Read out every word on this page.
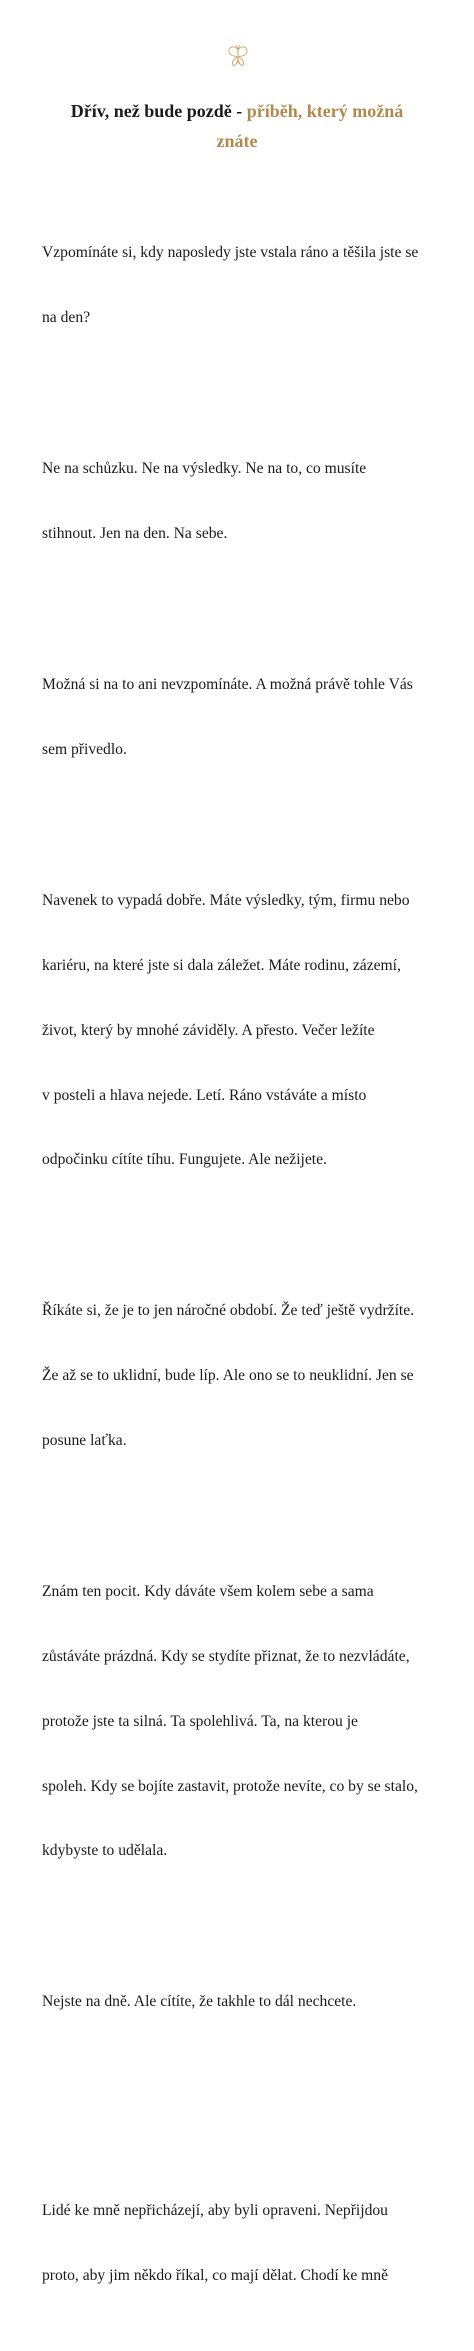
Dřív, než bude pozdě - příběh, který možná
znáte

Vzpomínáte si, kdy naposledy jste vstala ráno a těšila jste se

na den?

Ne na schůzku. Ne na výsledky. Ne na to, co musíte

stihnout. Jen na den. Na sebe.

Možná si na to ani nevzpomínáte. A možná právě tohle Vás

sem přivedlo.

Navenek to vypadá dobře. Máte výsledky, tým, firmu nebo

kariéru, na které jste si dala záležet. Máte rodinu, zázemí,

život, který by mnohé záviděly. A přesto. Večer ležíte

v posteli a hlava nejede. Letí. Ráno vstáváte a místo

odpočinku cítíte tíhu. Fungujete. Ale nežijete.

Říkáte si, že je to jen náročné období. Že teď ještě vydržíte.

Že až se to uklidní, bude líp. Ale ono se to neuklidní. Jen se

posune laťka.

Znám ten pocit. Kdy dáváte všem kolem sebe a sama

zůstáváte prázdná. Kdy se stydíte přiznat, že to nezvládáte,

protože jste ta silná. Ta spolehlivá. Ta, na kterou je

spoleh. Kdy se bojíte zastavit, protože nevíte, co by se stalo,

kdybyste to udělala.

Nejste na dně. Ale cítíte, že takhle to dál nechcete.

Lidé ke mně nepřicházejí, aby byli opraveni. Nepřijdou

proto, aby jim někdo říkal, co mají dělat. Chodí ke mně
